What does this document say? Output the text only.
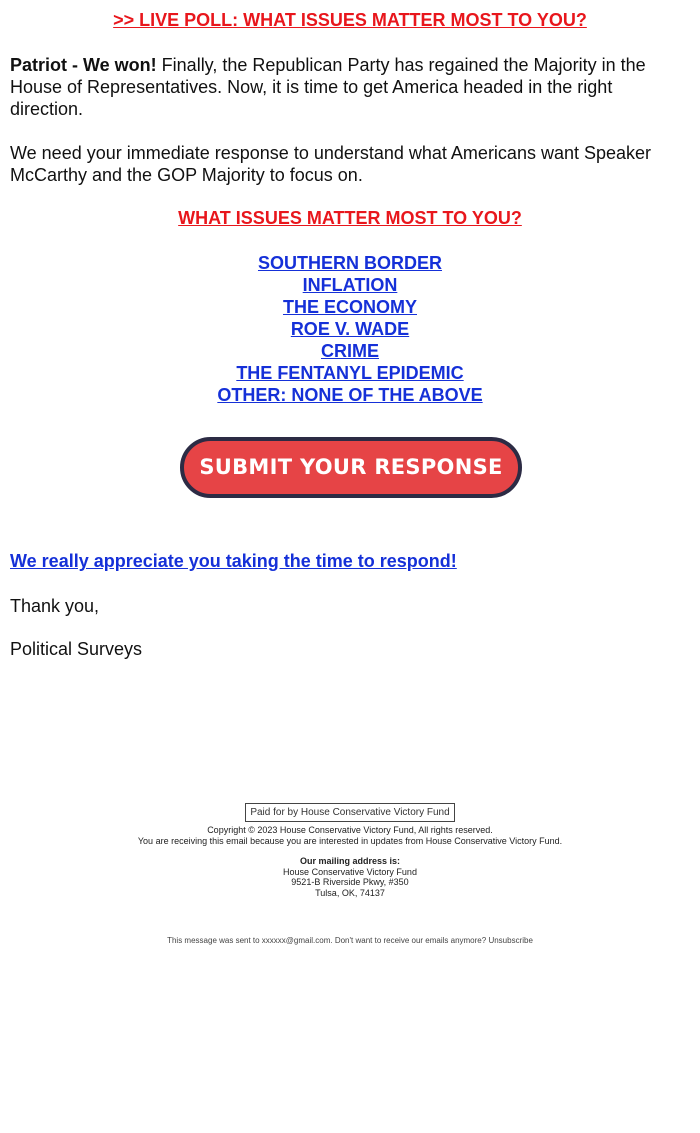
>> LIVE POLL: WHAT ISSUES MATTER MOST TO YOU?
Patriot - We won! Finally, the Republican Party has regained the Majority in the House of Representatives. Now, it is time to get America headed in the right direction.
We need your immediate response to understand what Americans want Speaker McCarthy and the GOP Majority to focus on.
WHAT ISSUES MATTER MOST TO YOU?
SOUTHERN BORDER
INFLATION
THE ECONOMY
ROE V. WADE
CRIME
THE FENTANYL EPIDEMIC
OTHER: NONE OF THE ABOVE
SUBMIT YOUR RESPONSE
We really appreciate you taking the time to respond!
Thank you,
Political Surveys
Paid for by House Conservative Victory Fund
Copyright © 2023 House Conservative Victory Fund, All rights reserved.
You are receiving this email because you are interested in updates from House Conservative Victory Fund.
Our mailing address is:
House Conservative Victory Fund
9521-B Riverside Pkwy, #350
Tulsa, OK, 74137
This message was sent to xxxxxx@gmail.com. Don't want to receive our emails anymore? Unsubscribe
